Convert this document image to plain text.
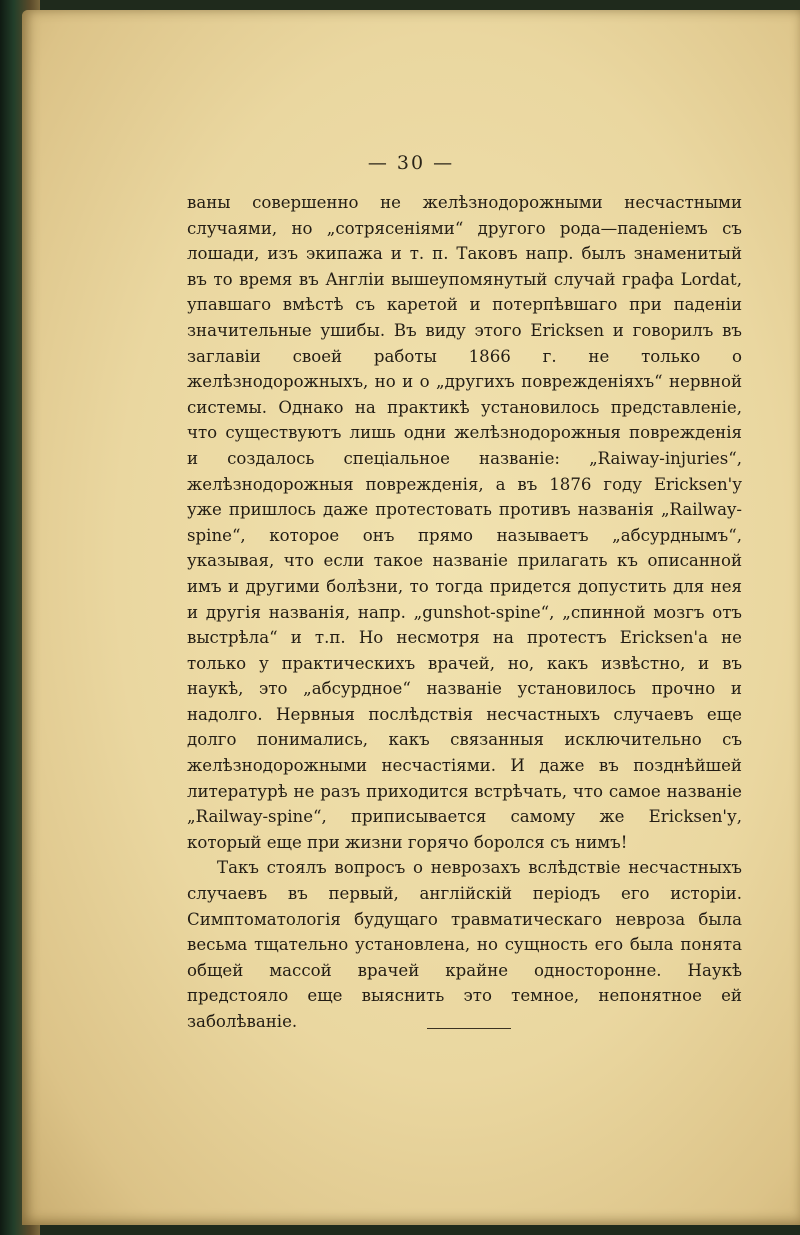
— 30 —

ваны совершенно не желѣзнодорожными несчастными случаями, но „сотрясеніями“ другого рода—паденіемъ съ лошади, изъ экипажа и т. п. Таковъ напр. былъ знаменитый въ то время въ Англіи вышеупомянутый случай графа Lordat, упавшаго вмѣстѣ съ каретой и потерпѣвшаго при паденіи значительные ушибы. Въ виду этого Ericksen и говорилъ въ заглавіи своей работы 1866 г. не только о желѣзнодорожныхъ, но и о „другихъ поврежденіяхъ“ нервной системы. Однако на практикѣ установилось представленіе, что существуютъ лишь одни желѣзнодорожныя поврежденія и создалось спеціальное названіе: „Raiway-injuries“, желѣзнодорожныя поврежденія, а въ 1876 году Ericksen'у уже пришлось даже протестовать противъ названія „Railway-spine“, которое онъ прямо называетъ „абсурднымъ“, указывая, что если такое названіе прилагать къ описанной имъ и другими болѣзни, то тогда придется допустить для нея и другія названія, напр. „gunshot-spine“, „спинной мозгъ отъ выстрѣла“ и т.п. Но несмотря на протестъ Ericksen'а не только у практическихъ врачей, но, какъ извѣстно, и въ наукѣ, это „абсурдное“ названіе установилось прочно и надолго. Нервныя послѣдствія несчастныхъ случаевъ еще долго понимались, какъ связанныя исключительно съ желѣзнодорожными несчастіями. И даже въ позднѣйшей литературѣ не разъ приходится встрѣчать, что самое названіе „Railway-spine“, приписывается самому же Ericksen'у, который еще при жизни горячо боролся съ нимъ!

Такъ стоялъ вопросъ о неврозахъ вслѣдствіе несчастныхъ случаевъ въ первый, англійскій періодъ его исторіи. Симптоматологія будущаго травматическаго невроза была весьма тщательно установлена, но сущность его была понята общей массой врачей крайне односторонне. Наукѣ предстояло еще выяснить это темное, непонятное ей заболѣваніе.
